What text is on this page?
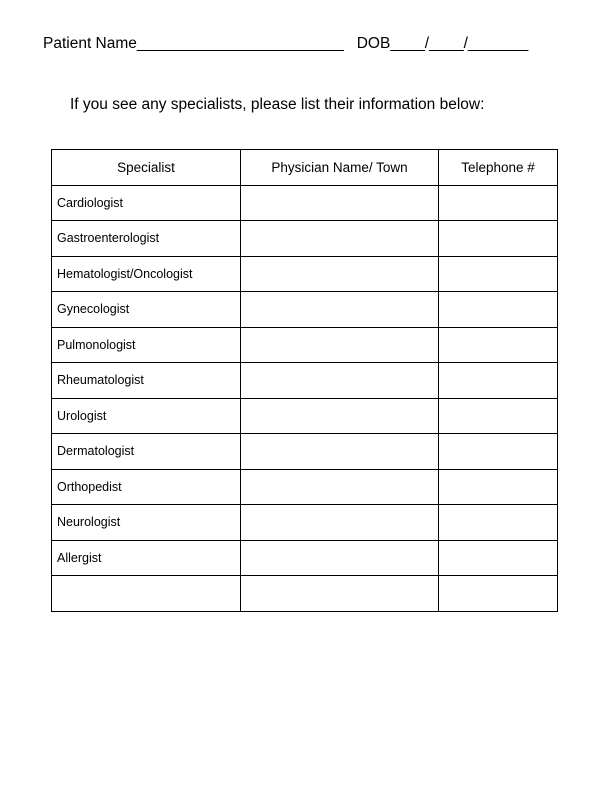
Patient Name________________________ DOB____/____/_______
If you see any specialists, please list their information below:
Specialist	Physician Name/ Town	Telephone #
Cardiologist		
Gastroenterologist		
Hematologist/Oncologist		
Gynecologist		
Pulmonologist		
Rheumatologist		
Urologist		
Dermatologist		
Orthopedist		
Neurologist		
Allergist		
